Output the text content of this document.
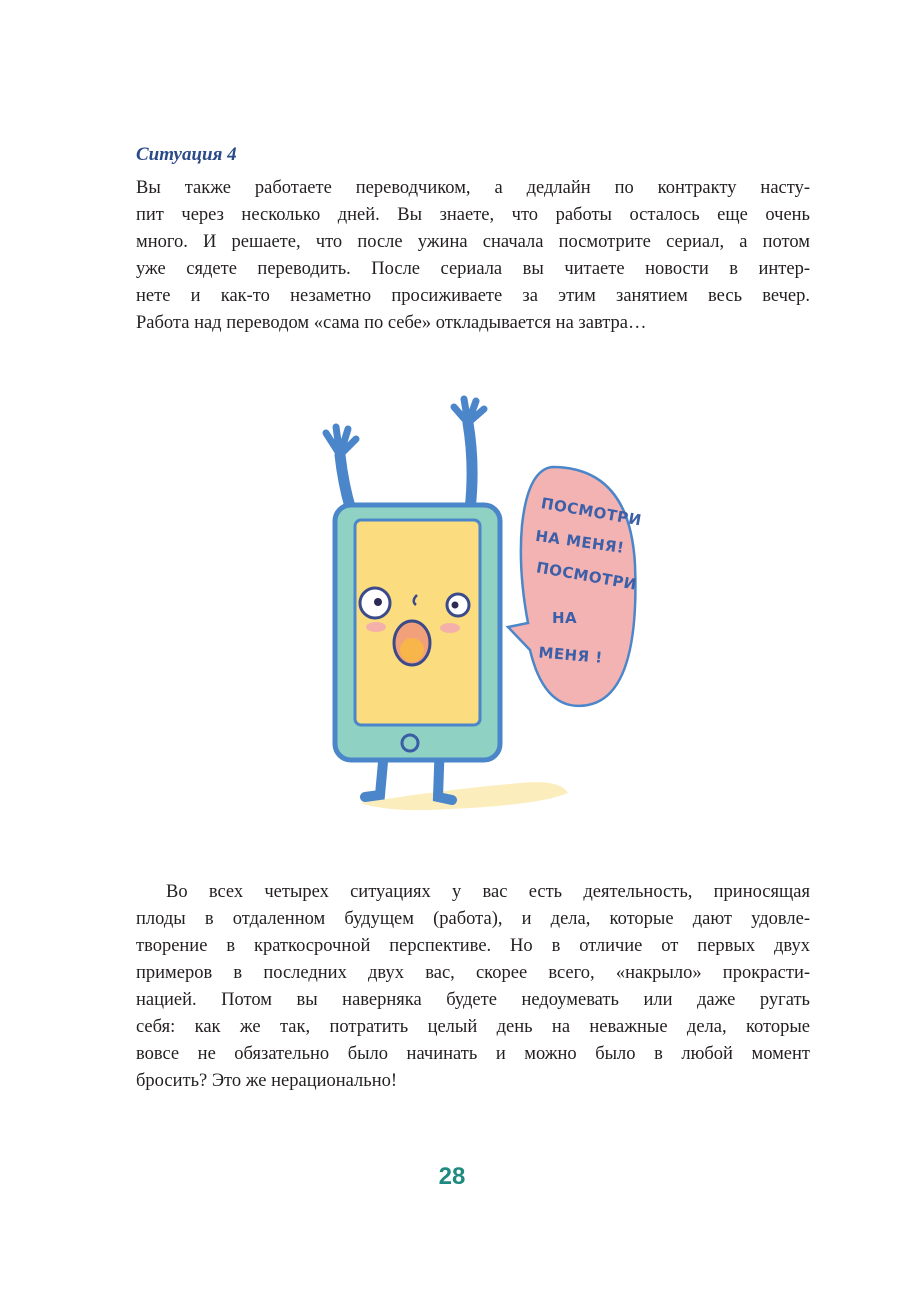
Ситуация 4

Вы также работаете переводчиком, а дедлайн по контракту насту-
пит через несколько дней. Вы знаете, что работы осталось еще очень
много. И решаете, что после ужина сначала посмотрите сериал, а потом
уже сядете переводить. После сериала вы читаете новости в интер-
нете и как-то незаметно просиживаете за этим занятием весь вечер.
Работа над переводом «сама по себе» откладывается на завтра…

ПОСМОТРИ
НА МЕНЯ!
ПОСМОТРИ
НА
МЕНЯ !

Во всех четырех ситуациях у вас есть деятельность, приносящая
плоды в отдаленном будущем (работа), и дела, которые дают удовле-
творение в краткосрочной перспективе. Но в отличие от первых двух
примеров в последних двух вас, скорее всего, «накрыло» прокрасти-
нацией. Потом вы наверняка будете недоумевать или даже ругать
себя: как же так, потратить целый день на неважные дела, которые
вовсе не обязательно было начинать и можно было в любой момент
бросить? Это же нерационально!

28
